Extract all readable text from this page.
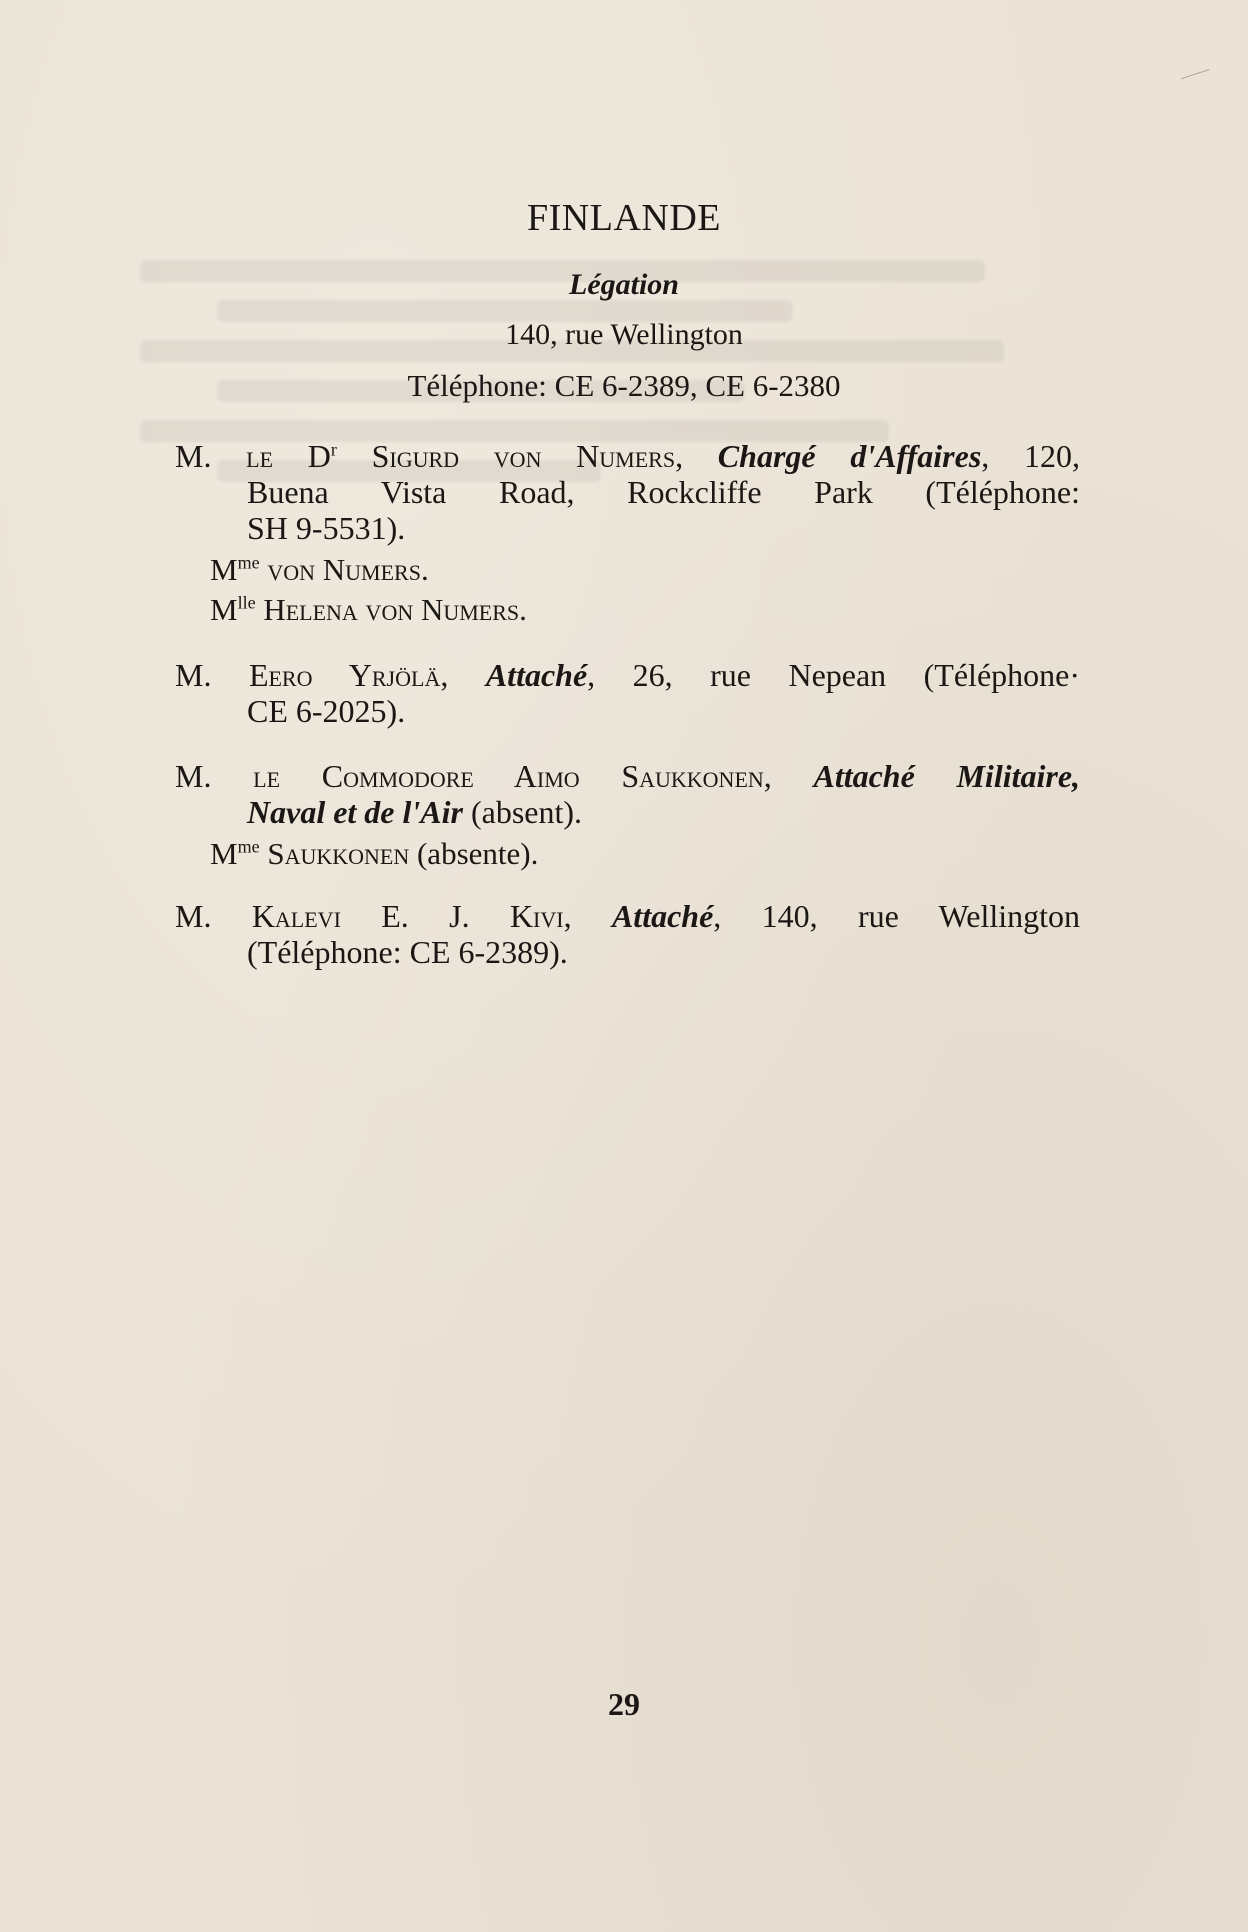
FINLANDE
Légation
140, rue Wellington
Téléphone: CE 6-2389, CE 6-2380
M. le $D^r$ Sigurd von Numers, Chargé d'Affaires, 120,
Buena Vista Road, Rockcliffe Park (Téléphone:
SH 9-5531).
$M^{me}$ von Numers.
$M^{lle}$ Helena von Numers.
M. Eero Yrjölä, Attaché, 26, rue Nepean (Téléphone·
CE 6-2025).
M. le Commodore Aimo Saukkonen, Attaché Militaire,
Naval et de l'Air (absent).
$M^{me}$ Saukkonen (absente).
M. Kalevi E. J. Kivi, Attaché, 140, rue Wellington
(Téléphone: CE 6-2389).
29
